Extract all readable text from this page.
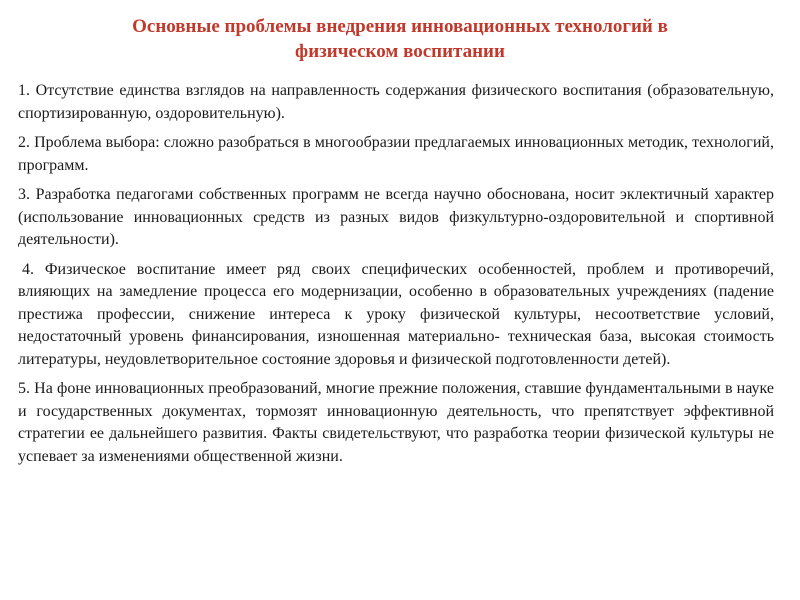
Основные проблемы внедрения инновационных технологий в
физическом воспитании

1. Отсутствие единства взглядов на направленность содержания физического воспитания (образовательную, спортизированную, оздоровительную).

2. Проблема выбора: сложно разобраться в многообразии предлагаемых инновационных методик, технологий, программ.

3. Разработка педагогами собственных программ не всегда научно обоснована, носит эклектичный характер (использование инновационных средств из разных видов физкультурно-оздоровительной и спортивной деятельности).

4. Физическое воспитание имеет ряд своих специфических особенностей, проблем и противоречий, влияющих на замедление процесса его модернизации, особенно в образовательных учреждениях (падение престижа профессии, снижение интереса к уроку физической культуры, несоответствие условий, недостаточный уровень финансирования, изношенная материально- техническая база, высокая стоимость литературы, неудовлетворительное состояние здоровья и физической подготовленности детей).

5. На фоне инновационных преобразований, многие прежние положения, ставшие фундаментальными в науке и государственных документах, тормозят инновационную деятельность, что препятствует эффективной стратегии ее дальнейшего развития. Факты свидетельствуют, что разработка теории физической культуры не успевает за изменениями общественной жизни.
